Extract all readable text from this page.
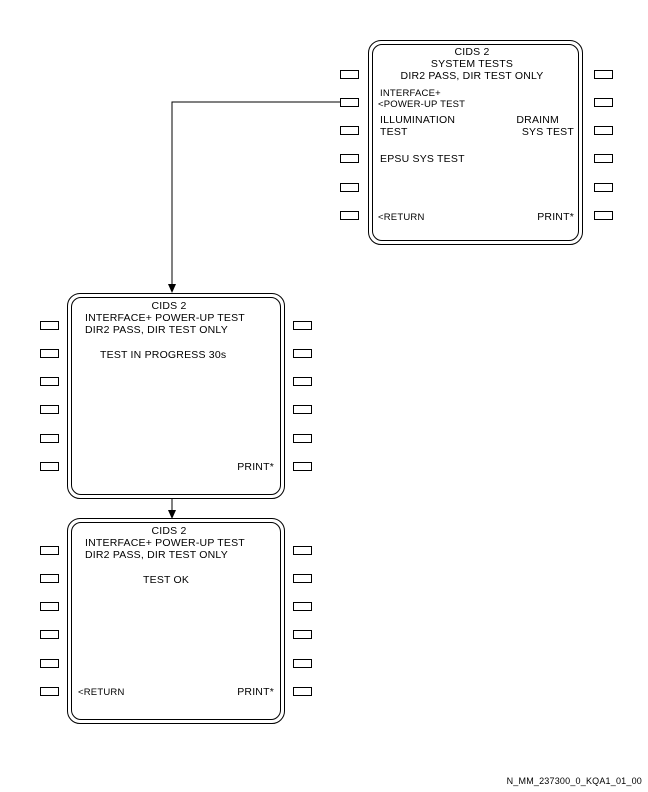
CIDS 2
SYSTEM TESTS
DIR2 PASS, DIR TEST ONLY
INTERFACE+
<POWER-UP TEST
ILLUMINATION
TEST
DRAINM
SYS TEST
EPSU SYS TEST
<RETURN	PRINT*
CIDS 2
INTERFACE+ POWER-UP TEST
DIR2 PASS, DIR TEST ONLY
TEST IN PROGRESS 30s
PRINT*
CIDS 2
INTERFACE+ POWER-UP TEST
DIR2 PASS, DIR TEST ONLY
TEST OK
<RETURN	PRINT*
N_MM_237300_0_KQA1_01_00
